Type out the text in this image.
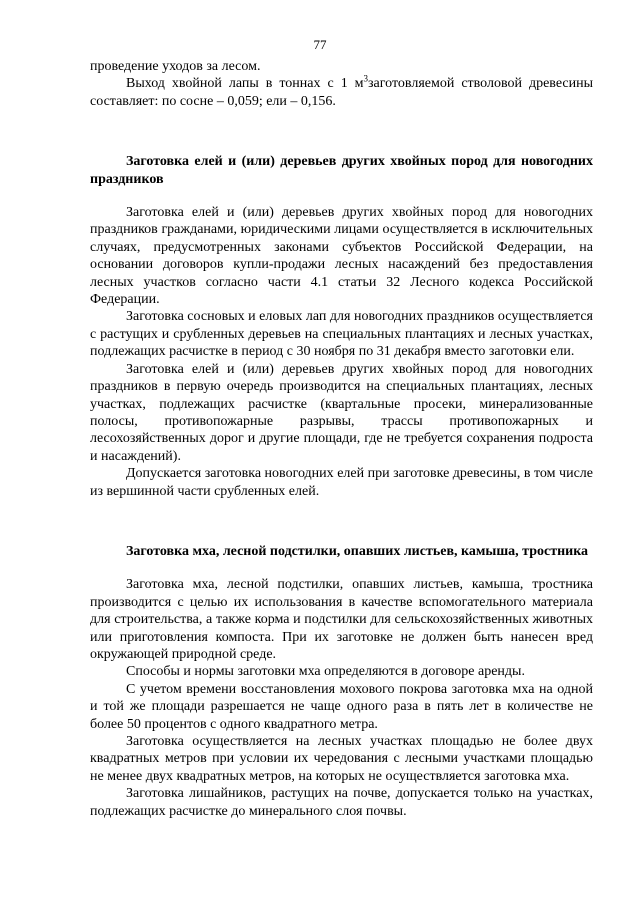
77

проведение уходов за лесом.

Выход хвойной лапы в тоннах с 1 $м^3заготовляемой$ стволовой древесины составляет: по сосне – 0,059; ели – 0,156.

Заготовка елей и (или) деревьев других хвойных пород для новогодних праздников

Заготовка елей и (или) деревьев других хвойных пород для новогодних праздников гражданами, юридическими лицами осуществляется в исключительных случаях, предусмотренных законами субъектов Российской Федерации, на основании договоров купли-продажи лесных насаждений без предоставления лесных участков согласно части 4.1 статьи 32 Лесного кодекса Российской Федерации.

Заготовка сосновых и еловых лап для новогодних праздников осуществляется с растущих и срубленных деревьев на специальных плантациях и лесных участках, подлежащих расчистке в период с 30 ноября по 31 декабря вместо заготовки ели.

Заготовка елей и (или) деревьев других хвойных пород для новогодних праздников в первую очередь производится на специальных плантациях, лесных участках, подлежащих расчистке (квартальные просеки, минерализованные полосы, противопожарные разрывы, трассы противопожарных и лесохозяйственных дорог и другие площади, где не требуется сохранения подроста и насаждений).

Допускается заготовка новогодних елей при заготовке древесины, в том числе из вершинной части срубленных елей.

Заготовка мха, лесной подстилки, опавших листьев, камыша, тростника

Заготовка мха, лесной подстилки, опавших листьев, камыша, тростника производится с целью их использования в качестве вспомогательного материала для строительства, а также корма и подстилки для сельскохозяйственных животных или приготовления компоста. При их заготовке не должен быть нанесен вред окружающей природной среде.

Способы и нормы заготовки мха определяются в договоре аренды.

С учетом времени восстановления мохового покрова заготовка мха на одной и той же площади разрешается не чаще одного раза в пять лет в количестве не более 50 процентов с одного квадратного метра.

Заготовка осуществляется на лесных участках площадью не более двух квадратных метров при условии их чередования с лесными участками площадью не менее двух квадратных метров, на которых не осуществляется заготовка мха.

Заготовка лишайников, растущих на почве, допускается только на участках, подлежащих расчистке до минерального слоя почвы.
